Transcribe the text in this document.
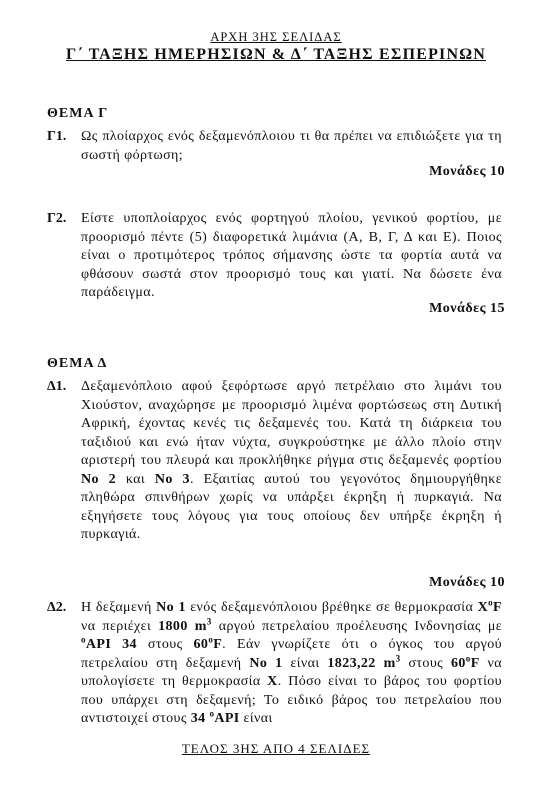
ΑΡΧΗ 3ΗΣ ΣΕΛΙΔΑΣ
Γ΄ ΤΑΞΗΣ ΗΜΕΡΗΣΙΩΝ & Δ΄ ΤΑΞΗΣ ΕΣΠΕΡΙΝΩΝ
ΘΕΜΑ Γ
Γ1. Ως πλοίαρχος ενός δεξαμενόπλοιου τι θα πρέπει να επιδιώξετε για τη σωστή φόρτωση;
Μονάδες 10
Γ2. Είστε υποπλοίαρχος ενός φορτηγού πλοίου, γενικού φορτίου, με προορισμό πέντε (5) διαφορετικά λιμάνια (Α, Β, Γ, Δ και Ε). Ποιος είναι ο προτιμότερος τρόπος σήμανσης ώστε τα φορτία αυτά να φθάσουν σωστά στον προορισμό τους και γιατί. Να δώσετε ένα παράδειγμα.
Μονάδες 15
ΘΕΜΑ Δ
Δ1. Δεξαμενόπλοιο αφού ξεφόρτωσε αργό πετρέλαιο στο λιμάνι του Χιούστον, αναχώρησε με προορισμό λιμένα φορτώσεως στη Δυτική Αφρική, έχοντας κενές τις δεξαμενές του. Κατά τη διάρκεια του ταξιδιού και ενώ ήταν νύχτα, συγκρούστηκε με άλλο πλοίο στην αριστερή του πλευρά και προκλήθηκε ρήγμα στις δεξαμενές φορτίου Νο 2 και Νο 3. Εξαιτίας αυτού του γεγονότος δημιουργήθηκε πληθώρα σπινθήρων χωρίς να υπάρξει έκρηξη ή πυρκαγιά. Να εξηγήσετε τους λόγους για τους οποίους δεν υπήρξε έκρηξη ή πυρκαγιά.
Μονάδες 10
Δ2. Η δεξαμενή Νο 1 ενός δεξαμενόπλοιου βρέθηκε σε θερμοκρασία $X^oF$ να περιέχει 1800 $m^3$ αργού πετρελαίου προέλευσης Ινδονησίας με $^o$API 34 στους 60$^o$F. Εάν γνωρίζετε ότι ο όγκος του αργού πετρελαίου στη δεξαμενή Νο 1 είναι 1823,22 $m^3$ στους 60$^o$F να υπολογίσετε τη θερμοκρασία Χ. Πόσο είναι το βάρος του φορτίου που υπάρχει στη δεξαμενή; Το ειδικό βάρος του πετρελαίου που αντιστοιχεί στους 34 $^o$API είναι
ΤΕΛΟΣ 3ΗΣ ΑΠΟ 4 ΣΕΛΙΔΕΣ
